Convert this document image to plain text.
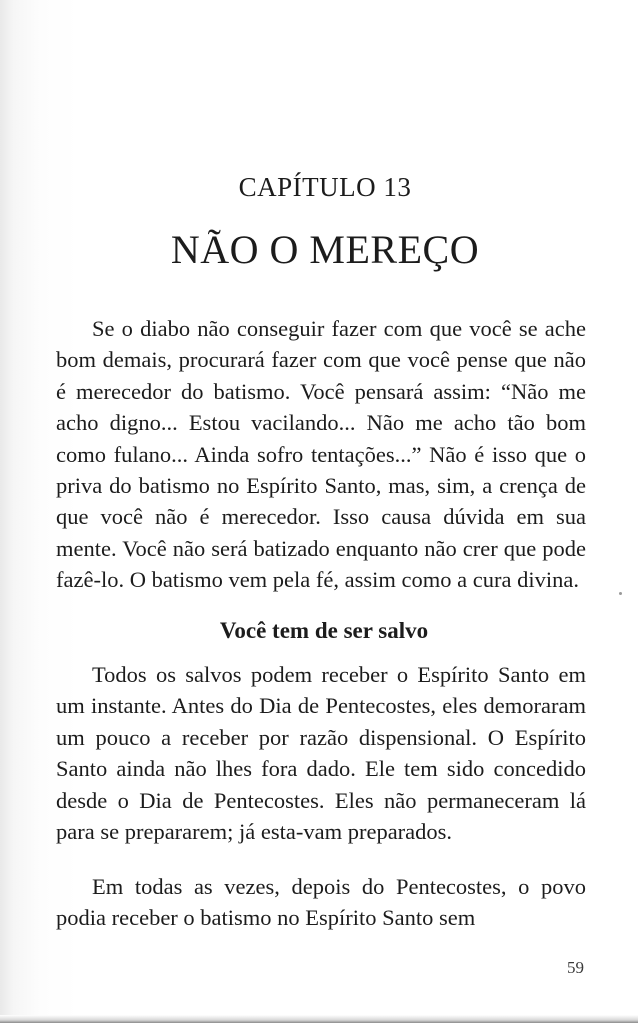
CAPÍTULO 13
NÃO O MEREÇO

Se o diabo não conseguir fazer com que você se ache bom demais, procurará fazer com que você pense que não é merecedor do batismo. Você pensará assim: “Não me acho digno... Estou vacilando... Não me acho tão bom como fulano... Ainda sofro tentações...” Não é isso que o priva do batismo no Espírito Santo, mas, sim, a crença de que você não é merecedor. Isso causa dúvida em sua mente. Você não será batizado enquanto não crer que pode fazê-lo. O batismo vem pela fé, assim como a cura divina.

Você tem de ser salvo

Todos os salvos podem receber o Espírito Santo em um instante. Antes do Dia de Pentecostes, eles demoraram um pouco a receber por razão dispensional. O Espírito Santo ainda não lhes fora dado. Ele tem sido concedido desde o Dia de Pentecostes. Eles não permaneceram lá para se prepararem; já esta-vam preparados.

Em todas as vezes, depois do Pentecostes, o povo podia receber o batismo no Espírito Santo sem

59
